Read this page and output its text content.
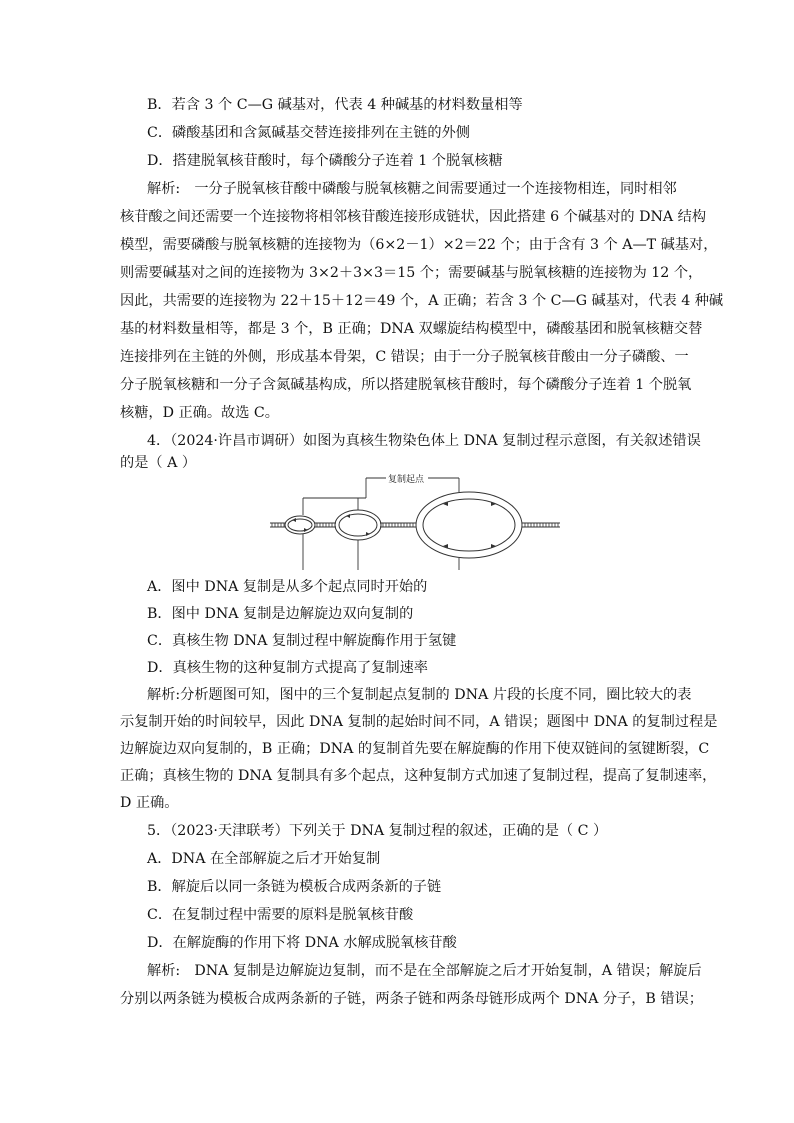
B．若含 3 个 C—G 碱基对，代表 4 种碱基的材料数量相等
C．磷酸基团和含氮碱基交替连接排列在主链的外侧
D．搭建脱氧核苷酸时，每个磷酸分子连着 1 个脱氧核糖
解析:　一分子脱氧核苷酸中磷酸与脱氧核糖之间需要通过一个连接物相连，同时相邻
核苷酸之间还需要一个连接物将相邻核苷酸连接形成链状，因此搭建 6 个碱基对的 DNA 结构
模型，需要磷酸与脱氧核糖的连接物为（6×2－1）×2＝22 个；由于含有 3 个 A—T 碱基对，
则需要碱基对之间的连接物为 3×2＋3×3＝15 个；需要碱基与脱氧核糖的连接物为 12 个，
因此，共需要的连接物为 22＋15＋12＝49 个，A 正确；若含 3 个 C—G 碱基对，代表 4 种碱
基的材料数量相等，都是 3 个，B 正确；DNA 双螺旋结构模型中，磷酸基团和脱氧核糖交替
连接排列在主链的外侧，形成基本骨架，C 错误；由于一分子脱氧核苷酸由一分子磷酸、一
分子脱氧核糖和一分子含氮碱基构成，所以搭建脱氧核苷酸时，每个磷酸分子连着 1 个脱氧
核糖，D 正确。故选 C。
4．（2024·许昌市调研）如图为真核生物染色体上 DNA 复制过程示意图，有关叙述错误
的是（ A ）
复制起点
A．图中 DNA 复制是从多个起点同时开始的
B．图中 DNA 复制是边解旋边双向复制的
C．真核生物 DNA 复制过程中解旋酶作用于氢键
D．真核生物的这种复制方式提高了复制速率
解析:分析题图可知，图中的三个复制起点复制的 DNA 片段的长度不同，圈比较大的表
示复制开始的时间较早，因此 DNA 复制的起始时间不同，A 错误；题图中 DNA 的复制过程是
边解旋边双向复制的，B 正确；DNA 的复制首先要在解旋酶的作用下使双链间的氢键断裂，C
正确；真核生物的 DNA 复制具有多个起点，这种复制方式加速了复制过程，提高了复制速率，
D 正确。
5．（2023·天津联考）下列关于 DNA 复制过程的叙述，正确的是（ C ）
A．DNA 在全部解旋之后才开始复制
B．解旋后以同一条链为模板合成两条新的子链
C．在复制过程中需要的原料是脱氧核苷酸
D．在解旋酶的作用下将 DNA 水解成脱氧核苷酸
解析:　DNA 复制是边解旋边复制，而不是在全部解旋之后才开始复制，A 错误；解旋后
分别以两条链为模板合成两条新的子链，两条子链和两条母链形成两个 DNA 分子，B 错误；
